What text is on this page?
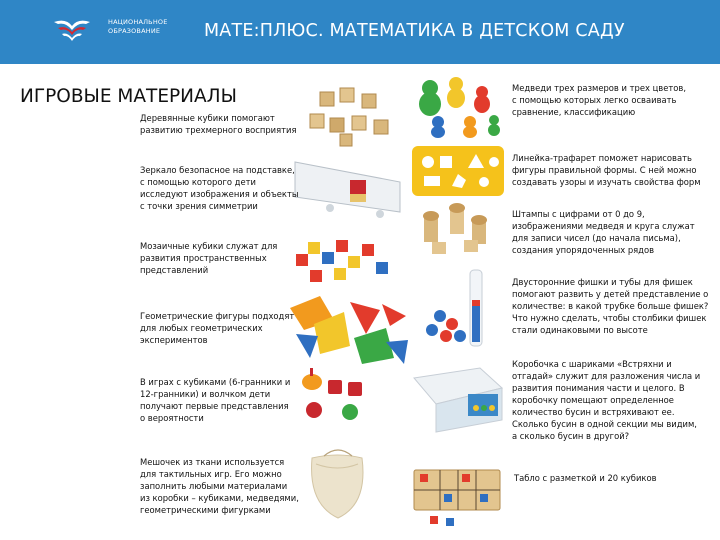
НАЦИОНАЛЬНОЕ
ОБРАЗОВАНИЕ	МАТЕ:ПЛЮС. МАТЕМАТИКА В ДЕТСКОМ САДУ
ИГРОВЫЕ МАТЕРИАЛЫ
Деревянные кубики помогают
развитию трехмерного восприятия
Зеркало безопасное на подставке,
с помощью которого дети
исследуют изображения и объекты
с точки зрения симметрии
Мозаичные кубики служат для
развития пространственных
представлений
Геометрические фигуры подходят
для любых геометрических
экспериментов
В играх с кубиками (6-гранники и
12-гранники) и волчком дети
получают первые представления
о вероятности
Мешочек из ткани используется
для тактильных игр. Его можно
заполнить любыми материалами
из коробки – кубиками, медведями,
геометрическими фигурками
Медведи трех размеров и трех цветов,
с помощью которых легко осваивать
сравнение, классификацию
Линейка-трафарет поможет нарисовать
фигуры правильной формы. С ней можно
создавать узоры и изучать свойства форм
Штампы с цифрами от 0 до 9,
изображениями медведя и круга служат
для записи чисел (до начала письма),
создания упорядоченных рядов
Двусторонние фишки и тубы для фишек
помогают развить у детей представление о
количестве: в какой трубке больше фишек?
Что нужно сделать, чтобы столбики фишек
стали одинаковыми по высоте
Коробочка с шариками «Встряхни и
отгадай» служит для разложения числа и
развития понимания части и целого. В
коробочку помещают определенное
количество бусин и встряхивают ее.
Сколько бусин в одной секции мы видим,
а сколько бусин в другой?
Табло с разметкой и 20 кубиков
